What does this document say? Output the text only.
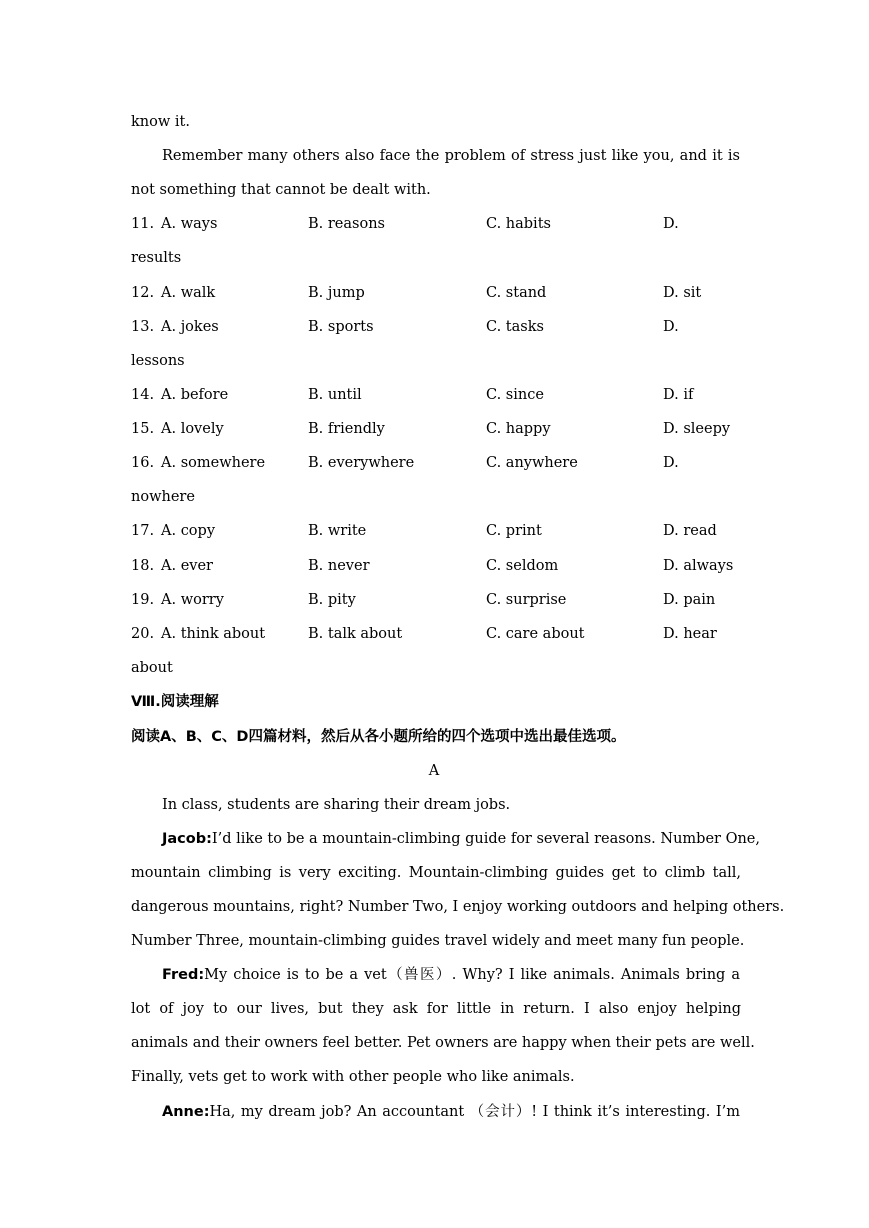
know it.
Remember many others also face the problem of stress just like you, and it is
not something that cannot be dealt with.
11. A. ways	B. reasons	C. habits	D.
results
12. A. walk	B. jump	C. stand	D. sit
13. A. jokes	B. sports	C. tasks	D.
lessons
14. A. before	B. until	C. since	D. if
15. A. lovely	B. friendly	C. happy	D. sleepy
16. A. somewhere	B. everywhere	C. anywhere	D.
nowhere
17. A. copy	B. write	C. print	D. read
18. A. ever	B. never	C. seldom	D. always
19. A. worry	B. pity	C. surprise	D. pain
20. A. think about	B. talk about	C. care about	D. hear
about
Ⅷ.阅读理解
阅读A、B、C、D四篇材料，然后从各小题所给的四个选项中选出最佳选项。
A
In class, students are sharing their dream jobs.
Jacob:I’d like to be a mountain-climbing guide for several reasons. Number One,
mountain climbing is very exciting. Mountain-climbing guides get to climb tall,
dangerous mountains, right? Number Two, I enjoy working outdoors and helping others.
Number Three, mountain-climbing guides travel widely and meet many fun people.
Fred:My choice is to be a vet（兽医）. Why? I like animals. Animals bring a
lot of joy to our lives, but they ask for little in return. I also enjoy helping
animals and their owners feel better. Pet owners are happy when their pets are well.
Finally, vets get to work with other people who like animals.
Anne:Ha, my dream job? An accountant （会计）! I think it’s interesting. I’m
